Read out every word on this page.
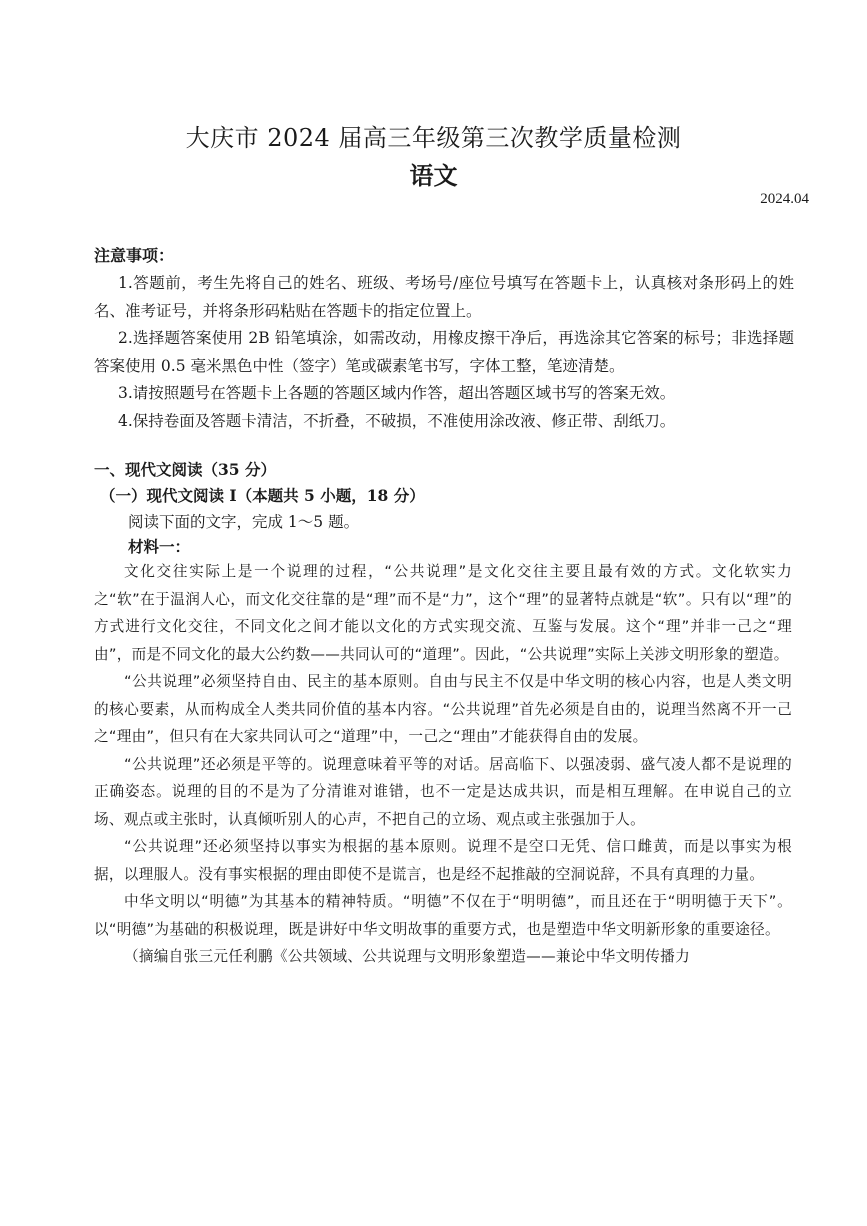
大庆市 2024 届高三年级第三次教学质量检测
语文
2024.04
注意事项：
1.答题前，考生先将自己的姓名、班级、考场号/座位号填写在答题卡上，认真核对条形码上的姓名、准考证号，并将条形码粘贴在答题卡的指定位置上。
2.选择题答案使用 2B 铅笔填涂，如需改动，用橡皮擦干净后，再选涂其它答案的标号；非选择题答案使用 0.5 毫米黑色中性（签字）笔或碳素笔书写，字体工整，笔迹清楚。
3.请按照题号在答题卡上各题的答题区域内作答，超出答题区域书写的答案无效。
4.保持卷面及答题卡清洁，不折叠，不破损，不准使用涂改液、修正带、刮纸刀。
一、现代文阅读（35 分）
（一）现代文阅读 I（本题共 5 小题，18 分）
阅读下面的文字，完成 1～5 题。
材料一：

文化交往实际上是一个说理的过程，“公共说理”是文化交往主要且最有效的方式。文化软实力之“软”在于温润人心，而文化交往靠的是“理”而不是“力”，这个“理”的显著特点就是“软”。只有以“理”的方式进行文化交往，不同文化之间才能以文化的方式实现交流、互鉴与发展。这个“理”并非一己之“理由”，而是不同文化的最大公约数——共同认可的“道理”。因此，“公共说理”实际上关涉文明形象的塑造。

“公共说理”必须坚持自由、民主的基本原则。自由与民主不仅是中华文明的核心内容，也是人类文明的核心要素，从而构成全人类共同价值的基本内容。“公共说理”首先必须是自由的，说理当然离不开一己之“理由”，但只有在大家共同认可之“道理”中，一己之“理由”才能获得自由的发展。

“公共说理”还必须是平等的。说理意味着平等的对话。居高临下、以强凌弱、盛气凌人都不是说理的正确姿态。说理的目的不是为了分清谁对谁错，也不一定是达成共识，而是相互理解。在申说自己的立场、观点或主张时，认真倾听别人的心声，不把自己的立场、观点或主张强加于人。

“公共说理”还必须坚持以事实为根据的基本原则。说理不是空口无凭、信口雌黄，而是以事实为根据，以理服人。没有事实根据的理由即使不是谎言，也是经不起推敲的空洞说辞，不具有真理的力量。

中华文明以“明德”为其基本的精神特质。“明德”不仅在于“明明德”，而且还在于“明明德于天下”。以“明德”为基础的积极说理，既是讲好中华文明故事的重要方式，也是塑造中华文明新形象的重要途径。

（摘编自张三元任利鹏《公共领域、公共说理与文明形象塑造——兼论中华文明传播力
